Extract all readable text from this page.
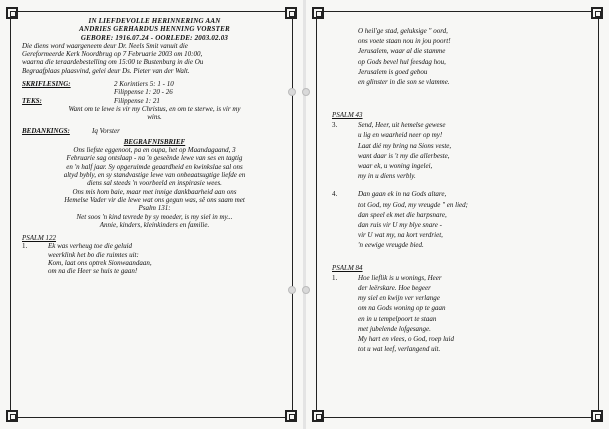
IN LIEFDEVOLLE HERINNERING AAN

ANDRIES GERHARDUS HENNING VORSTER

GEBORE: 1916.07.24 - OORLEDE: 2003.02.03

Die diens word waargeneem deur Dr. Neels Smit vanuit die

Gereformeerde Kerk Noordbrug op 7 Februarie 2003 om 10:00,

waarna die teraardebestelling om 15:00 te Bustenburg in die Ou

Begraafplaas plaasvind, gelei deur Ds. Pieter van der Walt.

SKRIFLESING:	2 Korintiers 5: 1 - 10
Filippense 1: 20 - 26
TEKS:	Filippense 1: 21

Want om te lewe is vir my Christus, en om te sterwe, is vir my

wins.

BEDANKINGS:	Iq Vorster

BEGRAFNISBRIEF

Ons liefste eggenoot, pa en oupa, het op Maandagaand, 3

Februarie sag ontslaap - na 'n geseënde lewe van ses en tagtig

en 'n half jaar. Sy opgeruimde geaardheid en kwinkslae sal ons

altyd bybly, en sy standvastige lewe van onbeaatsugtige liefde en

diens sal steeds 'n voorbeeld en inspirasie wees.

Ons mis hom baie, maar met innige dankbaarheid aan ons

Hemelse Vader vir die lewe wat ons gegun was, sê ons saam met

Psalm 131:

Net soos 'n kind tevrede by sy moeder, is my siel in my...

Annie, kinders, kleinkinders en familie.

PSALM 122

1.	Ek was verheug toe die geluid

weerklink het bo die ruimtes uit:

Kom, laat ons optrek Sionwaandaan,

om na die Heer se huis te gaan!

O heil'ge stad, geluksige " oord,

ons voete staan nou in jou poort!

Jerusalem, waar al die stamme

op Gods bevel hul feesdag hou,

Jerusalem is goed gebou

en glinster in die son se vlamme.

PSALM 43

3.	Send, Heer, uit hemelse gewese

u lig en waarheid neer op my!

Laat dié my bring na Sions veste,

want daar is 't my die allerbeste,

waar ek, u woning ingelei,

my in u diens verbly.

4.	Dan gaan ek in na Gods altare,

tot God, my God, my vreugde " en lied;

dan speel ek met die harpsnare,

dan ruis vir U my blye snare -

vir U wat my, na kort verdriet,

'n eewige vreugde bied.

PSALM 84

1.	Hoe lieflik is u wonings, Heer

der leërskare. Hoe begeer

my siel en kwijn ver verlange

om na Gods woning op te gaan

en in u tempelpoort te staan

met jubelende lofgesange.

My hart en vlees, o God, roep luid

tot u wat leef, verlangend uit.
